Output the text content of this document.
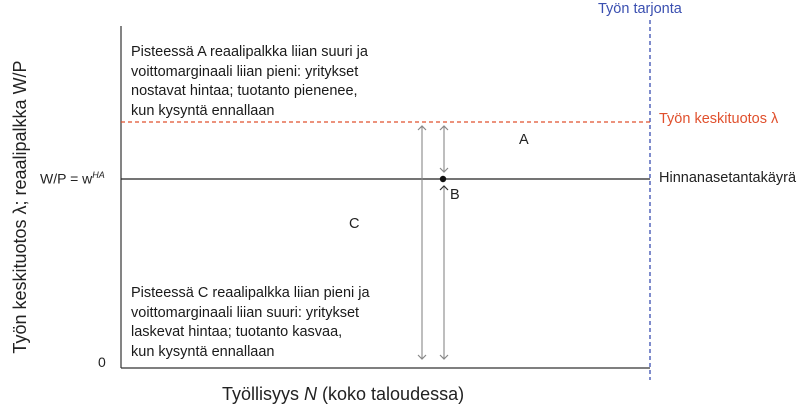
Työn keskituotos λ; reaalipalkka W/P
Työllisyys N (koko taloudessa)
0
$W/P = w^{HA}$
Työn tarjonta
Työn keskituotos λ
Hinnanasetantakäyrä
A
B
C
Pisteessä A reaalipalkka liian suuri ja
voittomarginaali liian pieni: yritykset
nostavat hintaa; tuotanto pienenee,
kun kysyntä ennallaan
Pisteessä C reaalipalkka liian pieni ja
voittomarginaali liian suuri: yritykset
laskevat hintaa; tuotanto kasvaa,
kun kysyntä ennallaan
